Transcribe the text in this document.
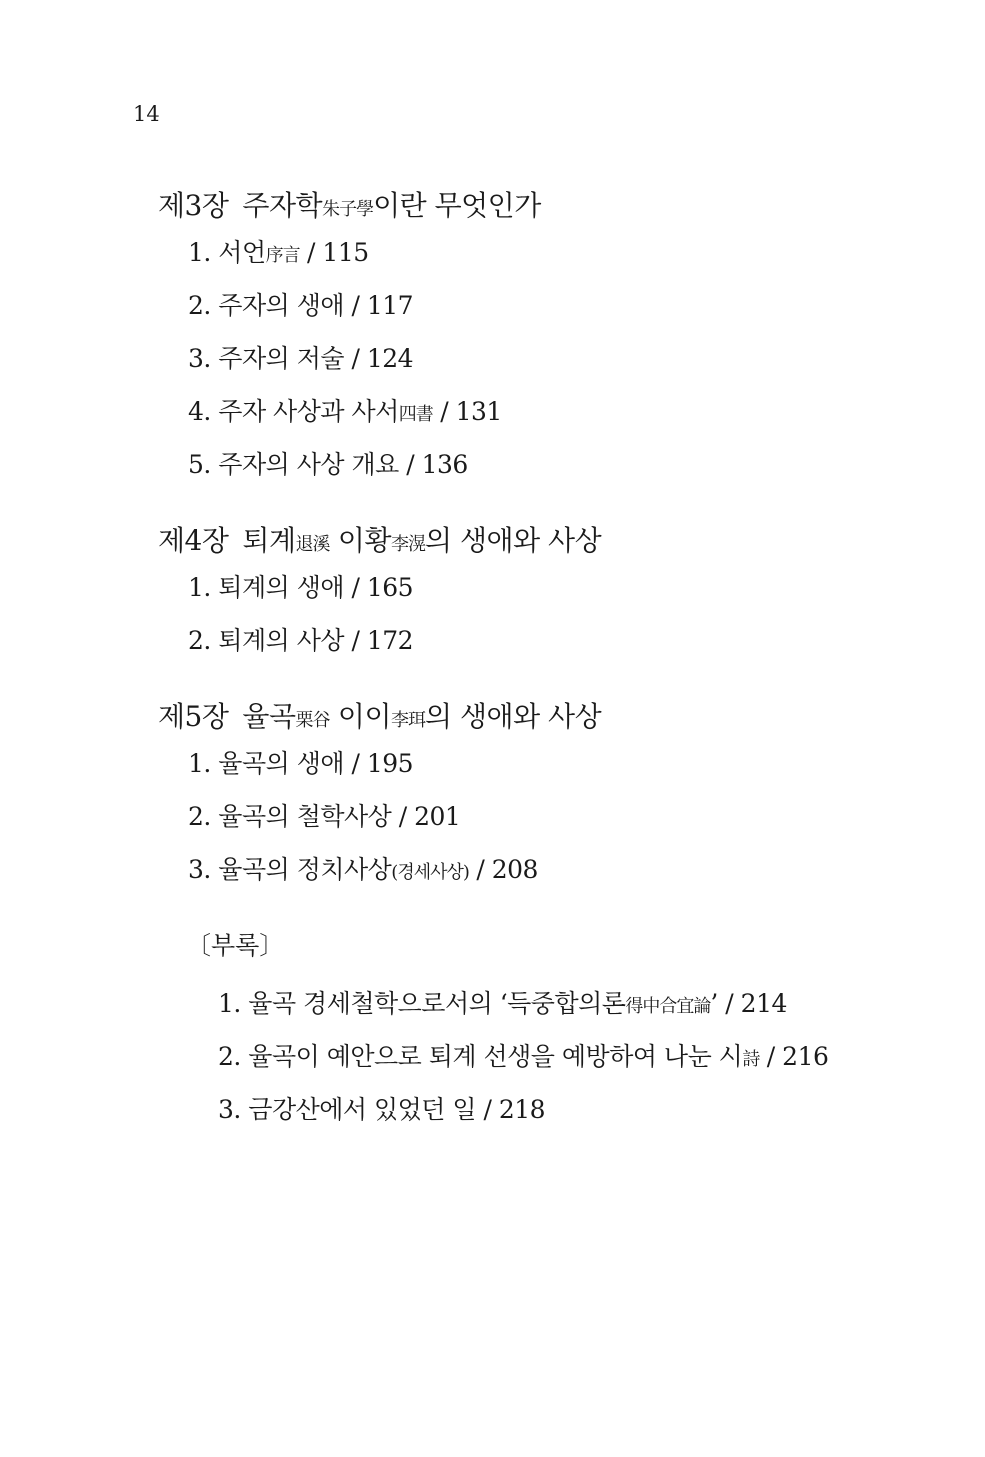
14
제3장 주자학朱子學이란 무엇인가
1. 서언序言 / 115
2. 주자의 생애 / 117
3. 주자의 저술 / 124
4. 주자 사상과 사서四書 / 131
5. 주자의 사상 개요 / 136
제4장 퇴계退溪 이황李滉의 생애와 사상
1. 퇴계의 생애 / 165
2. 퇴계의 사상 / 172
제5장 율곡栗谷 이이李珥의 생애와 사상
1. 율곡의 생애 / 195
2. 율곡의 철학사상 / 201
3. 율곡의 정치사상(경세사상) / 208
〔부록〕
1. 율곡 경세철학으로서의 ‘득중합의론得中合宜論’ / 214
2. 율곡이 예안으로 퇴계 선생을 예방하여 나눈 시詩 / 216
3. 금강산에서 있었던 일 / 218
